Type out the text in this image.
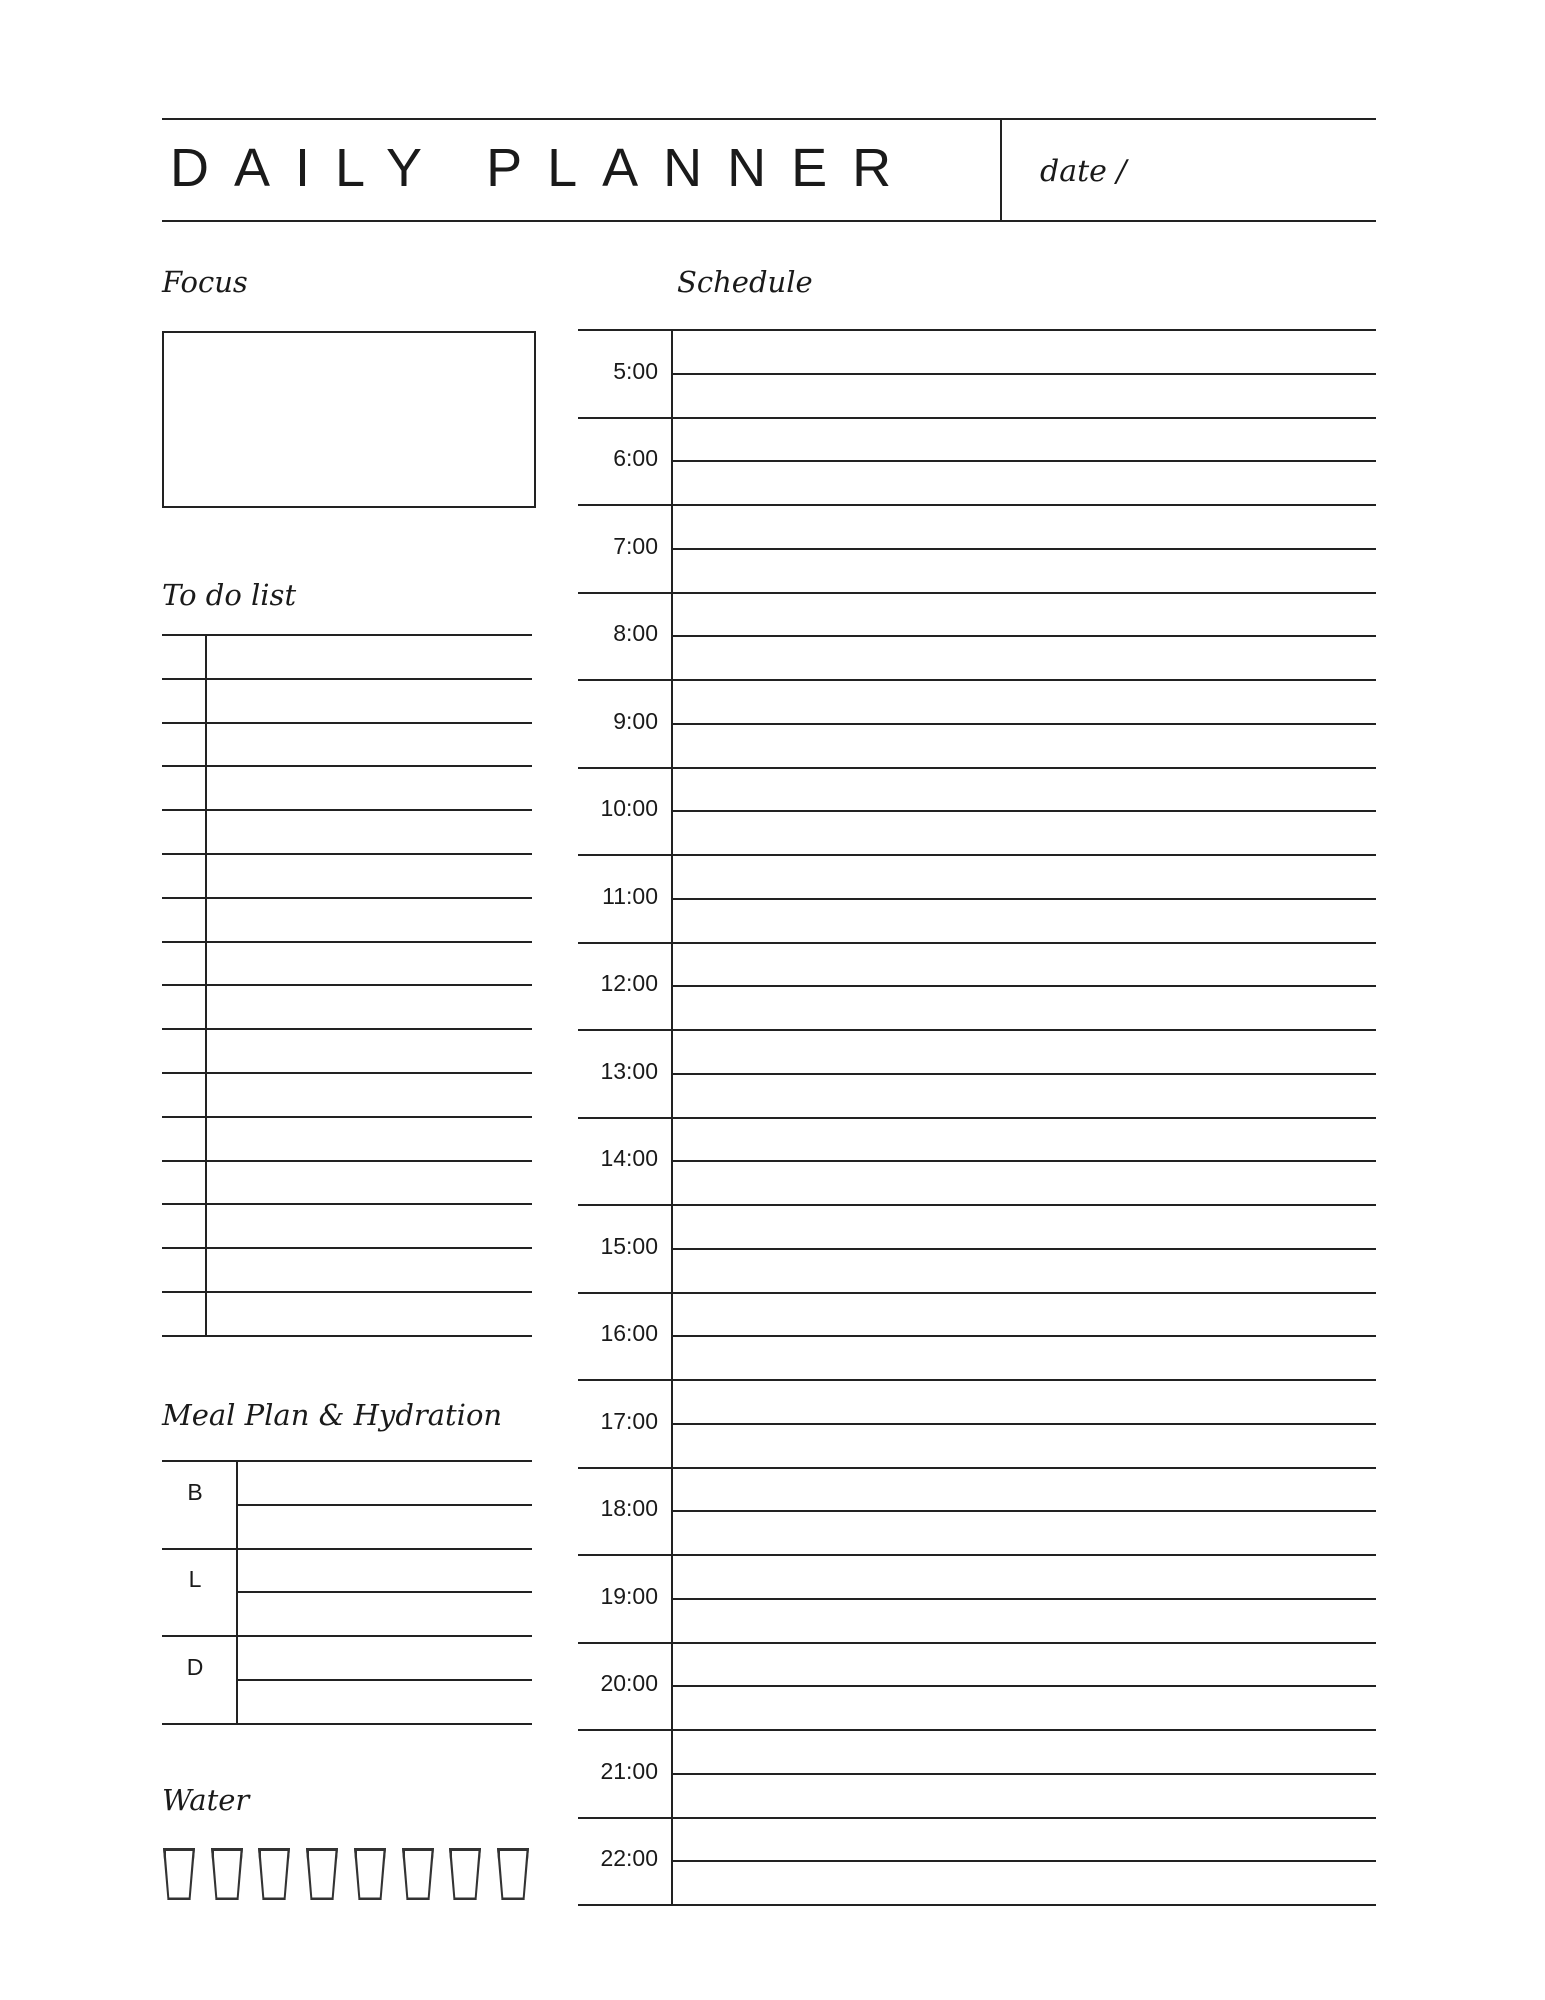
DAILY PLANNER	date /
Focus
To do list
Meal Plan & Hydration
B
L
D
Water
Schedule
5:00
6:00
7:00
8:00
9:00
10:00
11:00
12:00
13:00
14:00
15:00
16:00
17:00
18:00
19:00
20:00
21:00
22:00
